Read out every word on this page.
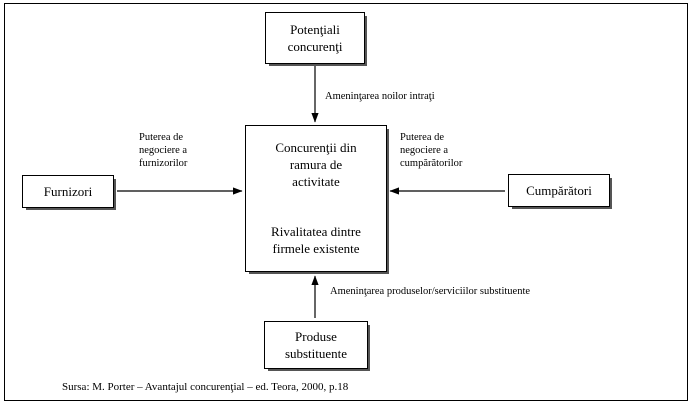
Potenţiali
concurenţi
Furnizori	Cumpărători
Produse
substituente
Concurenţii din
ramura de
activitate
Rivalitatea dintre
firmele existente
Ameninţarea noilor intraţi
Puterea de
negociere a
furnizorilor
Puterea de
negociere a
cumpărătorilor
Ameninţarea produselor/serviciilor substituente
Sursa: M. Porter – Avantajul concurenţial – ed. Teora, 2000, p.18
